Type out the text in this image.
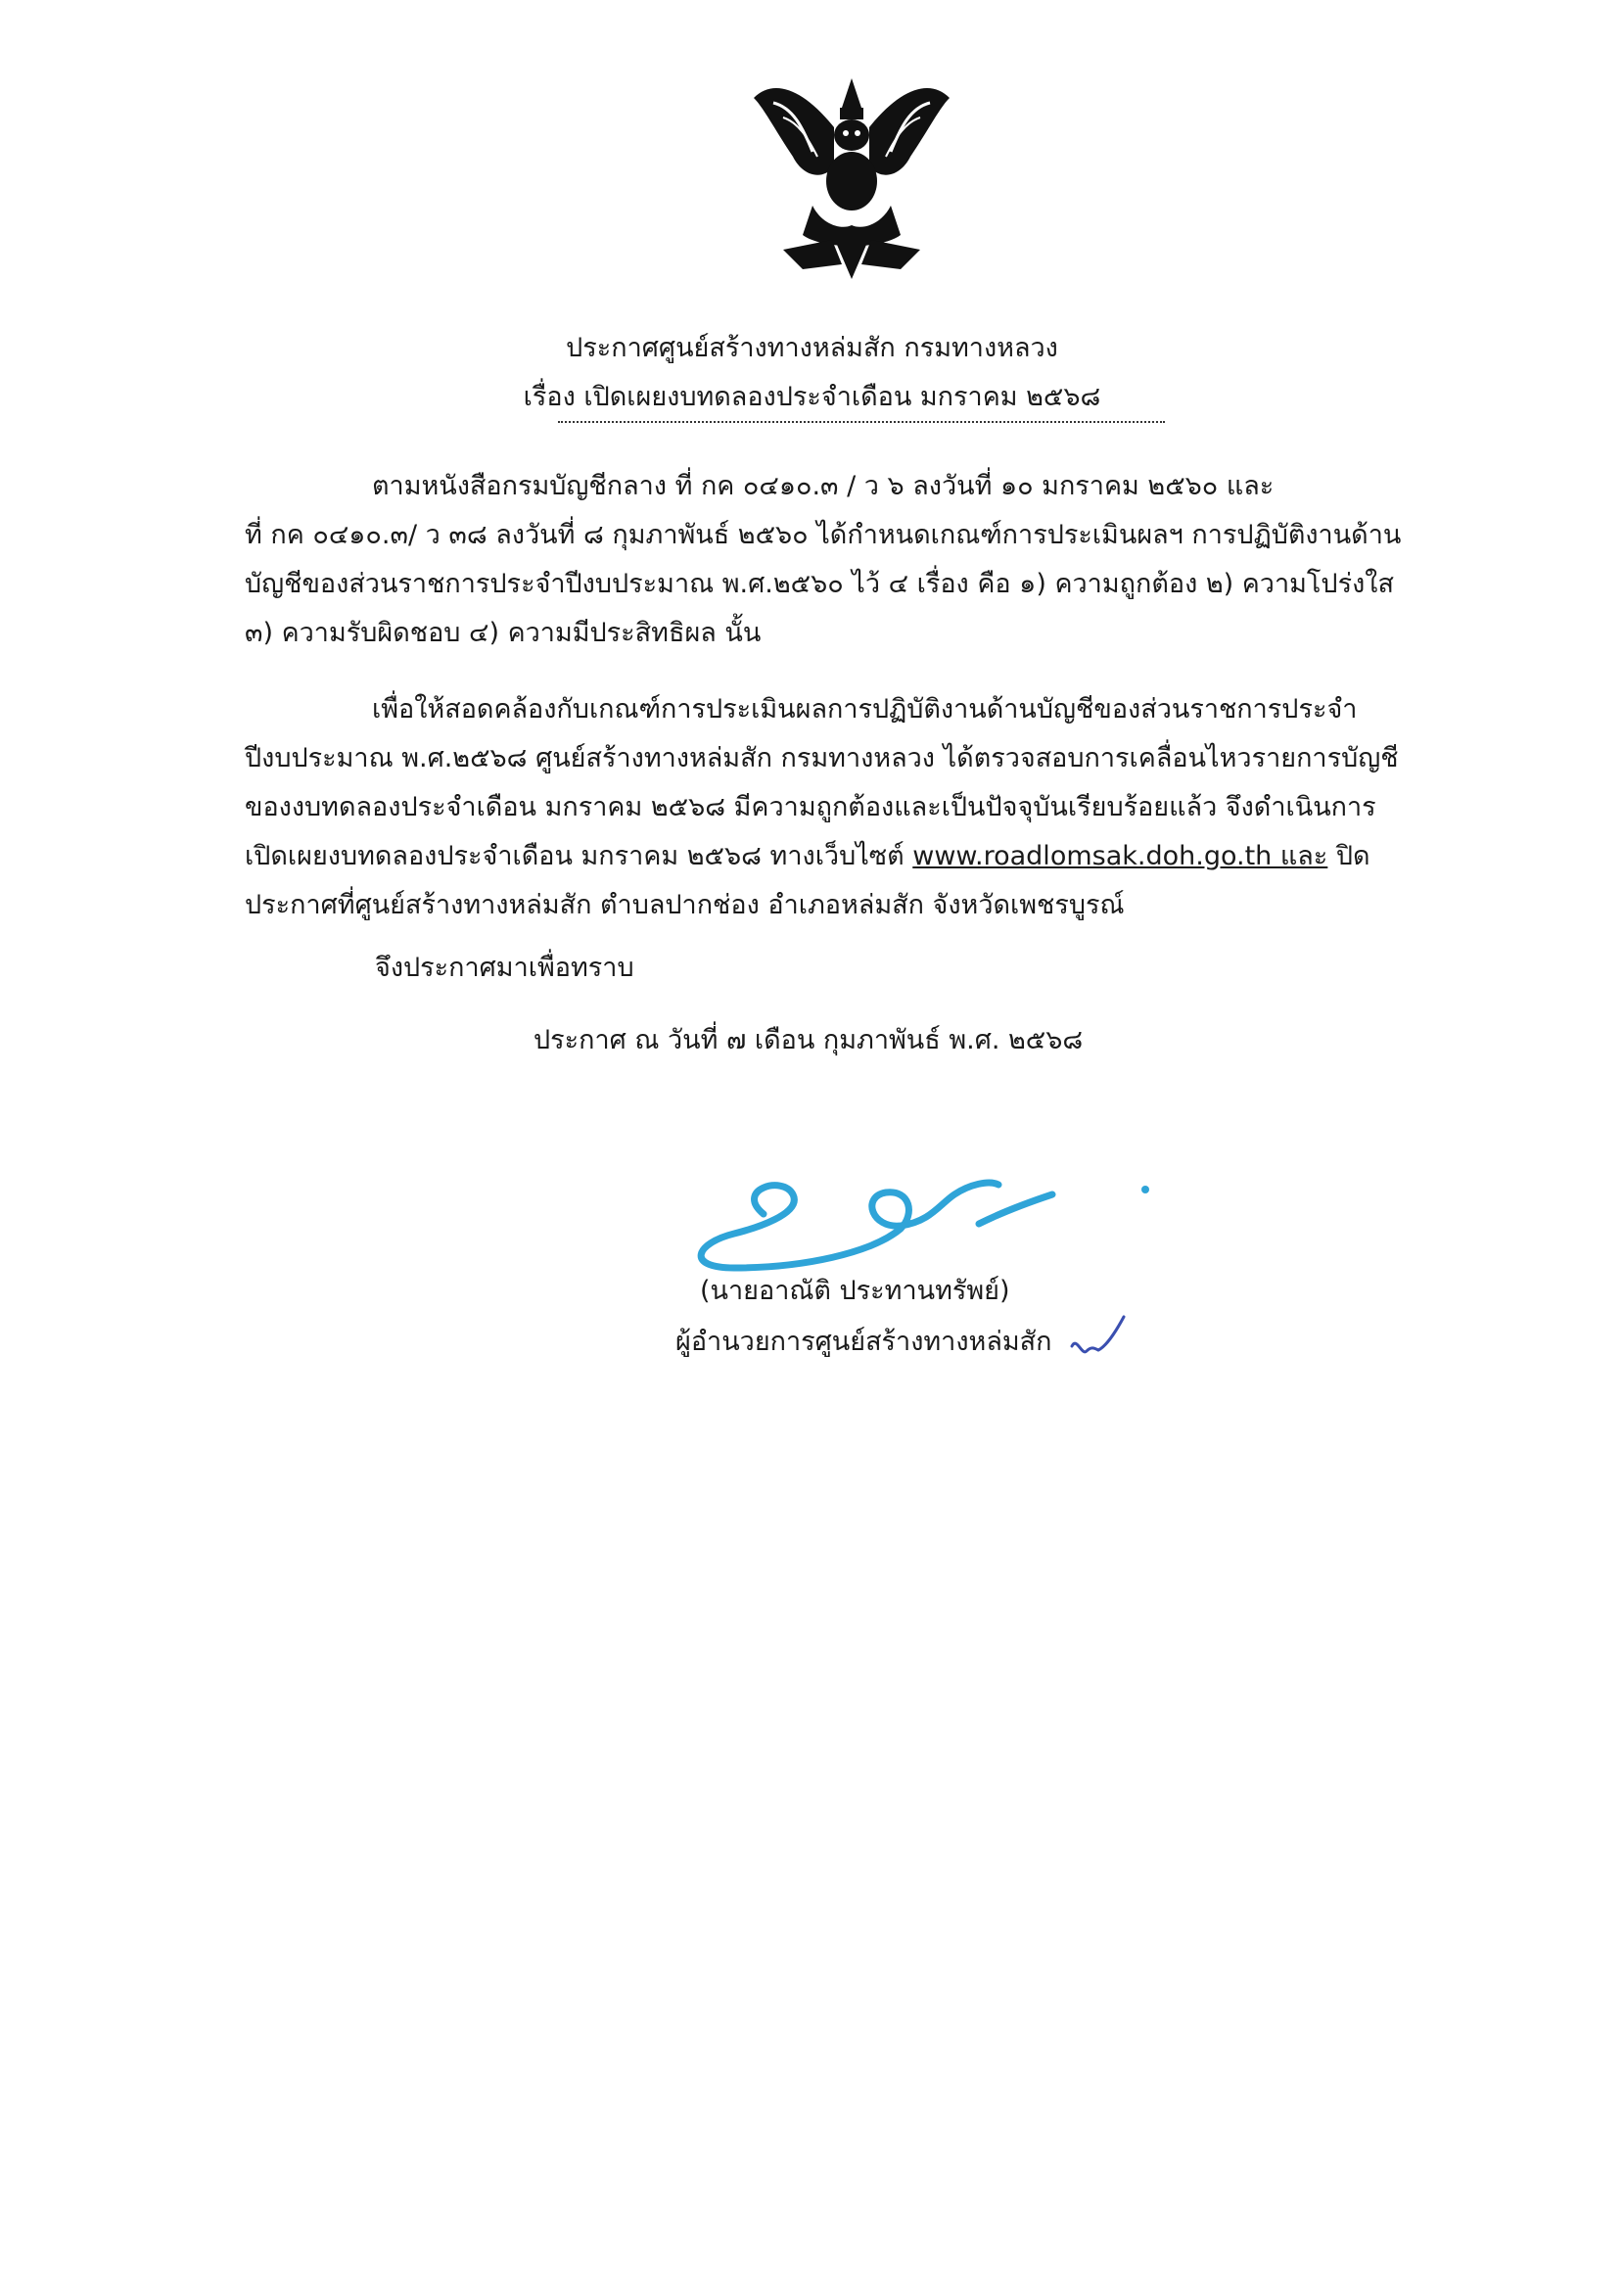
ประกาศศูนย์สร้างทางหล่มสัก กรมทางหลวง
เรื่อง เปิดเผยงบทดลองประจำเดือน มกราคม ๒๕๖๘
ตามหนังสือกรมบัญชีกลาง ที่ กค ๐๔๑๐.๓ / ว ๖ ลงวันที่ ๑๐ มกราคม ๒๕๖๐ และ
ที่ กค ๐๔๑๐.๓/ ว ๓๘ ลงวันที่ ๘ กุมภาพันธ์ ๒๕๖๐ ได้กำหนดเกณฑ์การประเมินผลฯ การปฏิบัติงานด้าน
บัญชีของส่วนราชการประจำปีงบประมาณ พ.ศ.๒๕๖๐ ไว้ ๔ เรื่อง คือ ๑) ความถูกต้อง ๒) ความโปร่งใส
๓) ความรับผิดชอบ ๔) ความมีประสิทธิผล นั้น
เพื่อให้สอดคล้องกับเกณฑ์การประเมินผลการปฏิบัติงานด้านบัญชีของส่วนราชการประจำ
ปีงบประมาณ พ.ศ.๒๕๖๘ ศูนย์สร้างทางหล่มสัก กรมทางหลวง ได้ตรวจสอบการเคลื่อนไหวรายการบัญชี
ของงบทดลองประจำเดือน มกราคม ๒๕๖๘ มีความถูกต้องและเป็นปัจจุบันเรียบร้อยแล้ว จึงดำเนินการ
เปิดเผยงบทดลองประจำเดือน มกราคม ๒๕๖๘ ทางเว็บไซต์ www.roadlomsak.doh.go.th และ ปิด
ประกาศที่ศูนย์สร้างทางหล่มสัก ตำบลปากช่อง อำเภอหล่มสัก จังหวัดเพชรบูรณ์
จึงประกาศมาเพื่อทราบ
ประกาศ ณ วันที่ ๗ เดือน กุมภาพันธ์ พ.ศ. ๒๕๖๘
(นายอาณัติ ประทานทรัพย์)
ผู้อำนวยการศูนย์สร้างทางหล่มสัก
